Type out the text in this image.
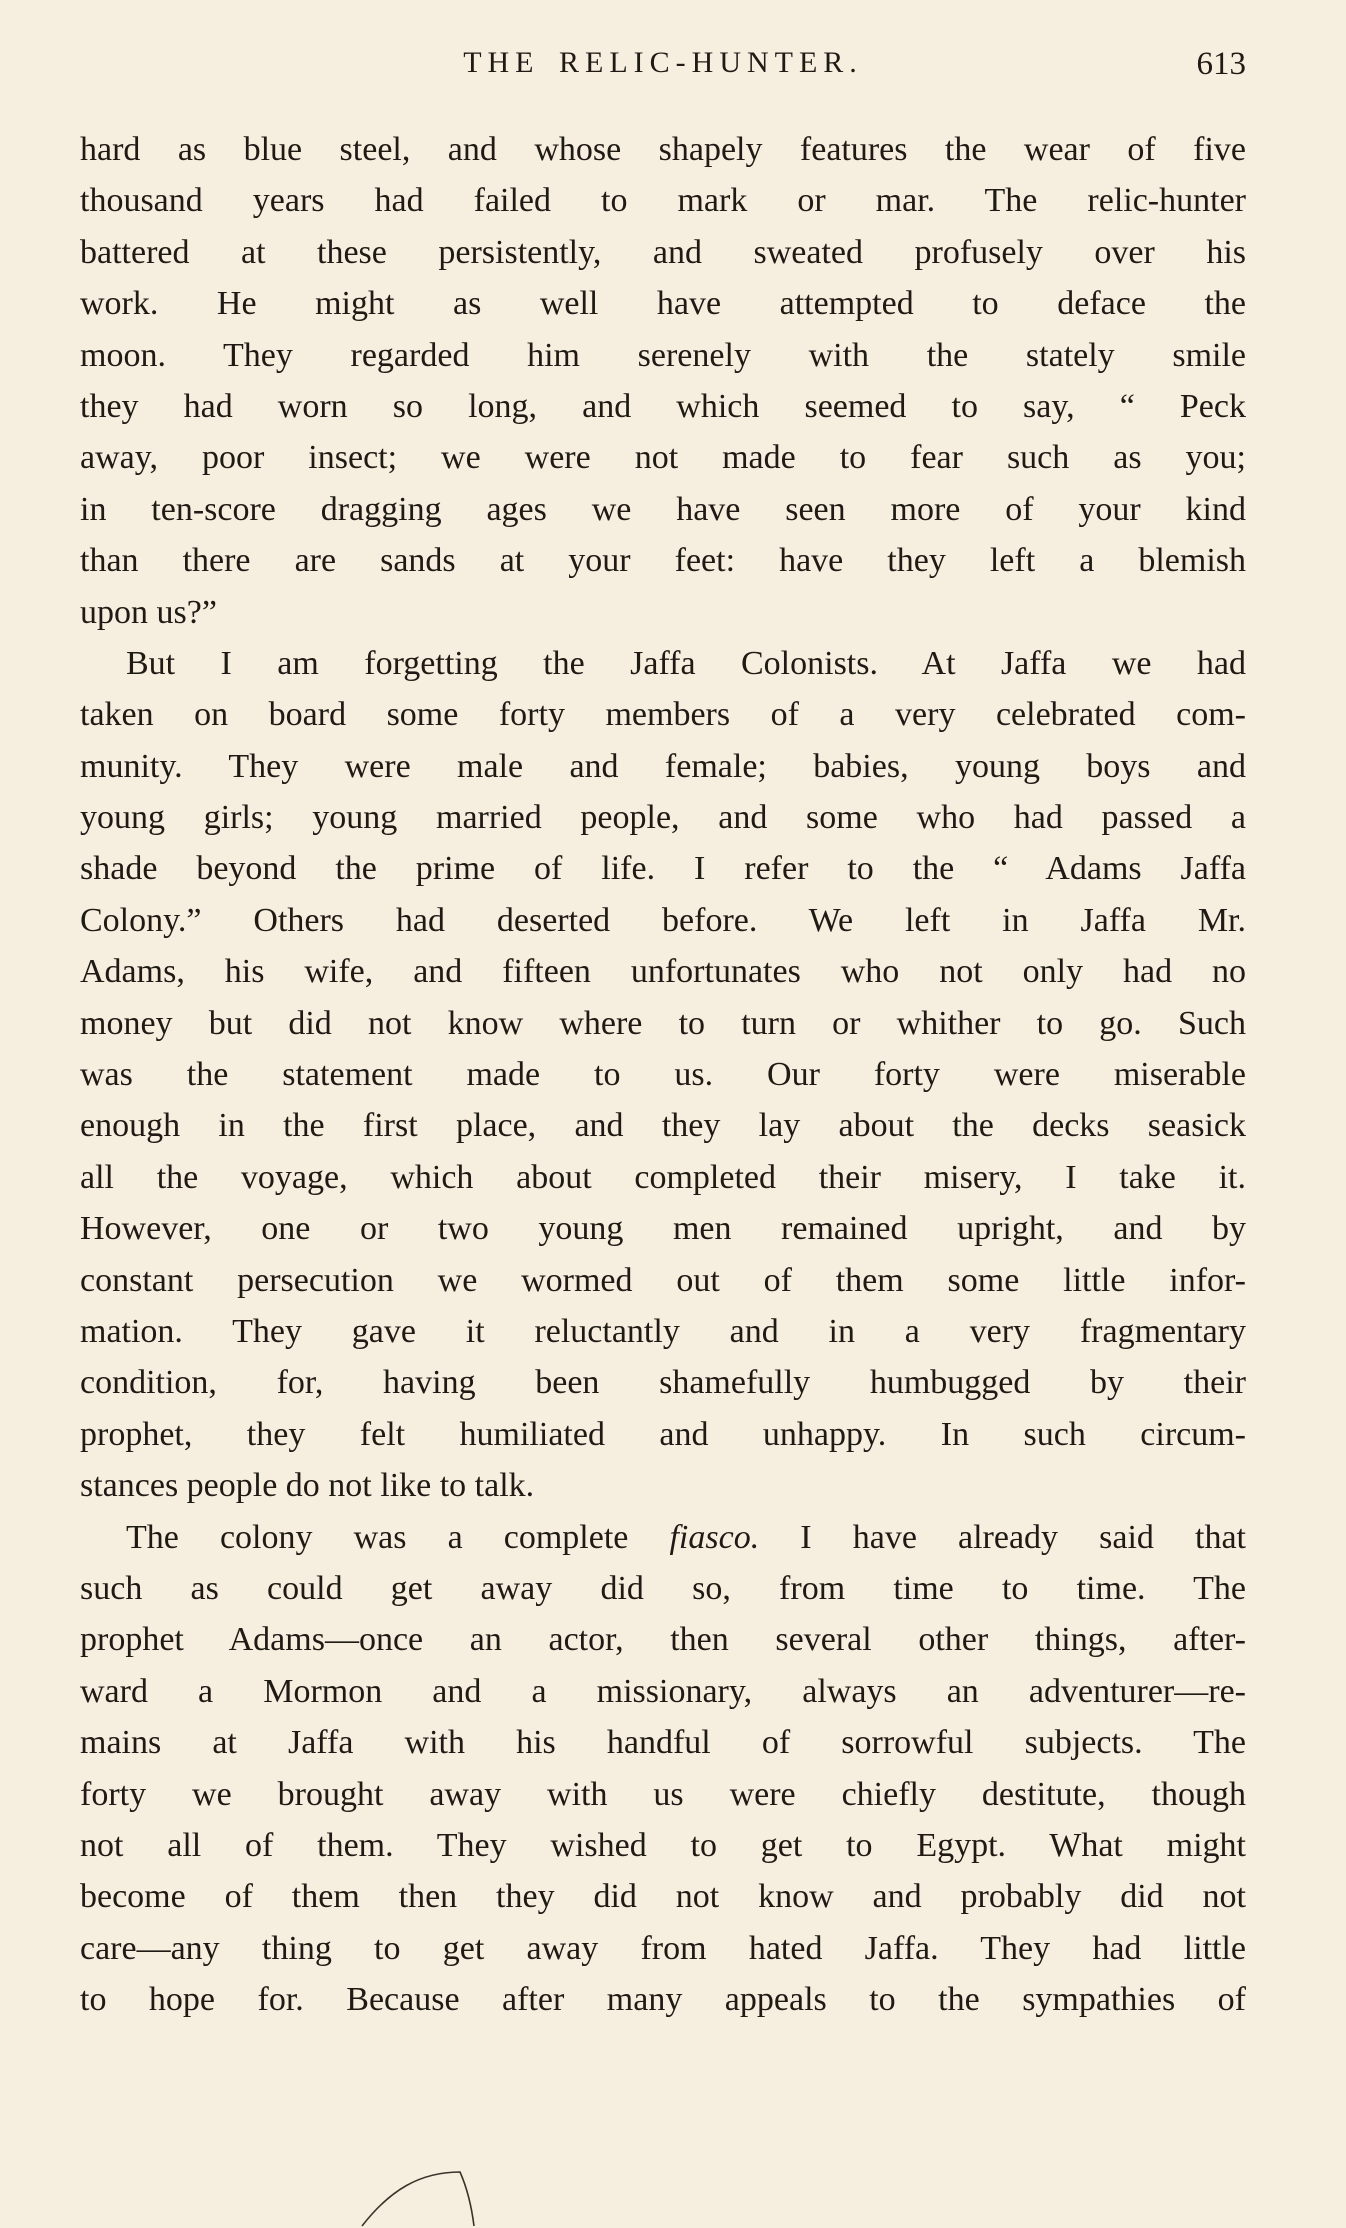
THE RELIC-HUNTER.	613
hard as blue steel, and whose shapely features the wear of five
thousand years had failed to mark or mar. The relic-hunter
battered at these persistently, and sweated profusely over his
work. He might as well have attempted to deface the
moon. They regarded him serenely with the stately smile
they had worn so long, and which seemed to say, “ Peck
away, poor insect; we were not made to fear such as you;
in ten-score dragging ages we have seen more of your kind
than there are sands at your feet: have they left a blemish
upon us?”
But I am forgetting the Jaffa Colonists. At Jaffa we had
taken on board some forty members of a very celebrated com-
munity. They were male and female; babies, young boys and
young girls; young married people, and some who had passed a
shade beyond the prime of life. I refer to the “ Adams Jaffa
Colony.” Others had deserted before. We left in Jaffa Mr.
Adams, his wife, and fifteen unfortunates who not only had no
money but did not know where to turn or whither to go. Such
was the statement made to us. Our forty were miserable
enough in the first place, and they lay about the decks seasick
all the voyage, which about completed their misery, I take it.
However, one or two young men remained upright, and by
constant persecution we wormed out of them some little infor-
mation. They gave it reluctantly and in a very fragmentary
condition, for, having been shamefully humbugged by their
prophet, they felt humiliated and unhappy. In such circum-
stances people do not like to talk.
The colony was a complete fiasco. I have already said that
such as could get away did so, from time to time. The
prophet Adams—once an actor, then several other things, after-
ward a Mormon and a missionary, always an adventurer—re-
mains at Jaffa with his handful of sorrowful subjects. The
forty we brought away with us were chiefly destitute, though
not all of them. They wished to get to Egypt. What might
become of them then they did not know and probably did not
care—any thing to get away from hated Jaffa. They had little
to hope for. Because after many appeals to the sympathies of
